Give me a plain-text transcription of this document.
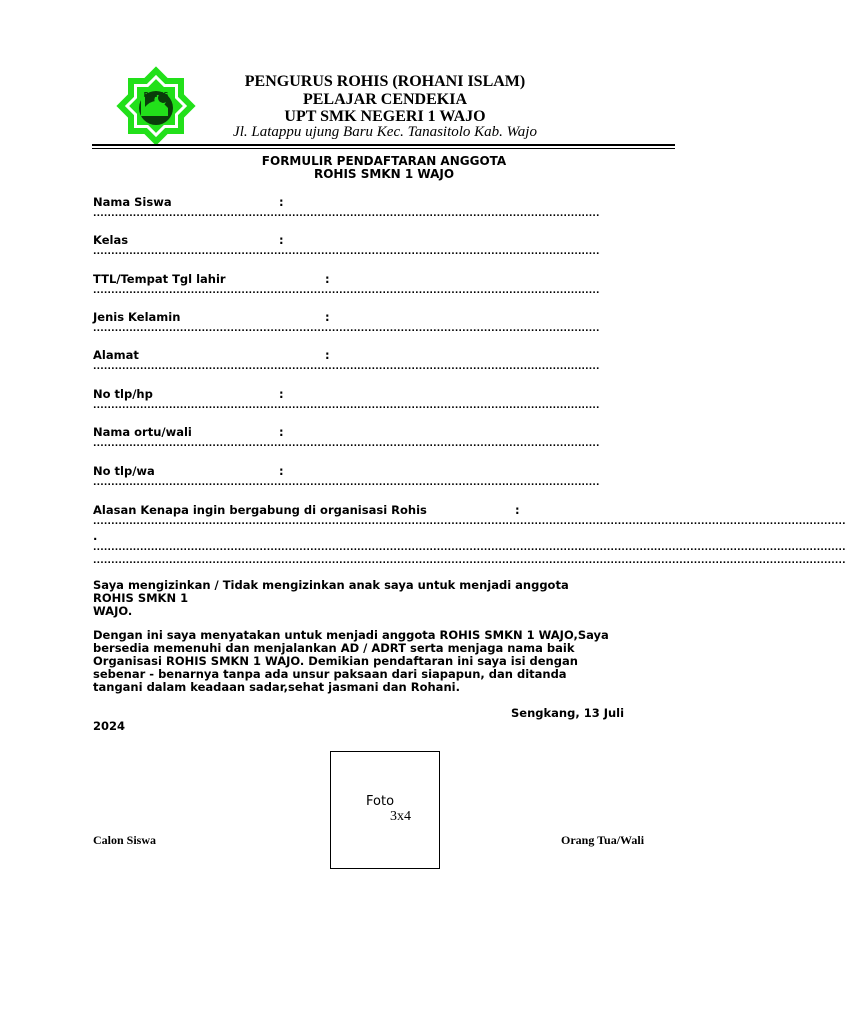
ROHIS
PENGURUS ROHIS (ROHANI ISLAM)
PELAJAR CENDEKIA
UPT SMK NEGERI 1 WAJO
Jl. Latappu ujung Baru Kec. Tanasitolo Kab. Wajo
FORMULIR PENDAFTARAN ANGGOTA
ROHIS SMKN 1 WAJO
Nama Siswa	:
............................................................................................................................................
Kelas	:
............................................................................................................................................
TTL/Tempat Tgl lahir	:
............................................................................................................................................
Jenis Kelamin	:
............................................................................................................................................
Alamat	:
............................................................................................................................................
No tlp/hp	:
............................................................................................................................................
Nama ortu/wali	:
............................................................................................................................................
No tlp/wa	:
............................................................................................................................................
Alasan Kenapa ingin bergabung di organisasi Rohis	:
................................................................................................................................................................................................................
.
................................................................................................................................................................................................................
................................................................................................................................................................................................................
Saya mengizinkan / Tidak mengizinkan anak saya untuk menjadi anggota
ROHIS SMKN 1
WAJO.
Dengan ini saya menyatakan untuk menjadi anggota ROHIS SMKN 1 WAJO,Saya
bersedia memenuhi dan menjalankan AD / ADRT serta menjaga nama baik
Organisasi ROHIS SMKN 1 WAJO. Demikian pendaftaran ini saya isi dengan
sebenar - benarnya tanpa ada unsur paksaan dari siapapun, dan ditanda
tangani dalam keadaan sadar,sehat jasmani dan Rohani.
Sengkang, 13 Juli
2024
Foto
3x4
Calon Siswa	Orang Tua/Wali
